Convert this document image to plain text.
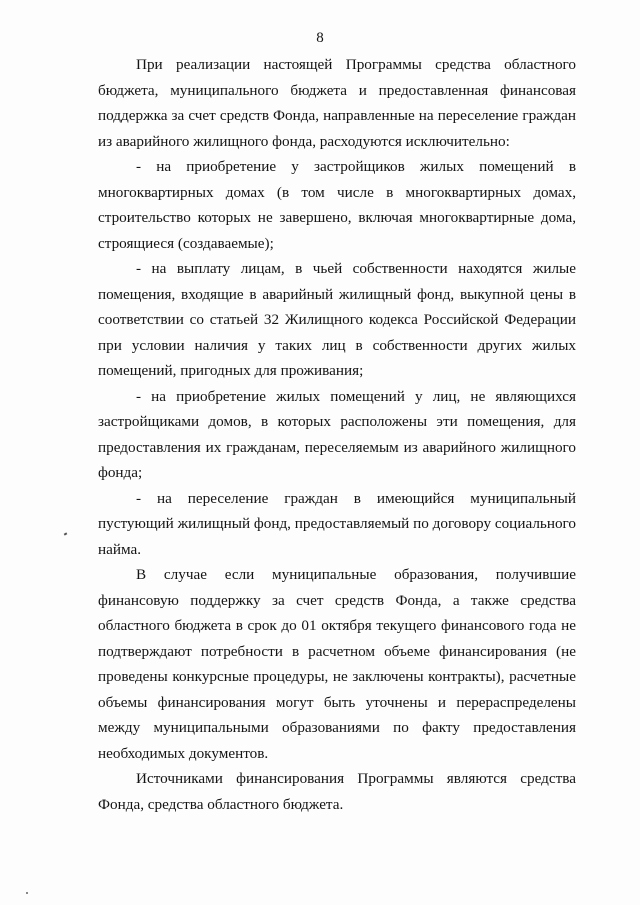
8

При реализации настоящей Программы средства областного бюджета, муниципального бюджета и предоставленная финансовая поддержка за счет средств Фонда, направленные на переселение граждан из аварийного жилищного фонда, расходуются исключительно:

- на приобретение у застройщиков жилых помещений в многоквартирных домах (в том числе в многоквартирных домах, строительство которых не завершено, включая многоквартирные дома, строящиеся (создаваемые);

- на выплату лицам, в чьей собственности находятся жилые помещения, входящие в аварийный жилищный фонд, выкупной цены в соответствии со статьей 32 Жилищного кодекса Российской Федерации при условии наличия у таких лиц в собственности других жилых помещений, пригодных для проживания;

- на приобретение жилых помещений у лиц, не являющихся застройщиками домов, в которых расположены эти помещения, для предоставления их гражданам, переселяемым из аварийного жилищного фонда;

- на переселение граждан в имеющийся муниципальный пустующий жилищный фонд, предоставляемый по договору социального найма.

В случае если муниципальные образования, получившие финансовую поддержку за счет средств Фонда, а также средства областного бюджета в срок до 01 октября текущего финансового года не подтверждают потребности в расчетном объеме финансирования (не проведены конкурсные процедуры, не заключены контракты), расчетные объемы финансирования могут быть уточнены и перераспределены между муниципальными образованиями по факту предоставления необходимых документов.

Источниками финансирования Программы являются средства Фонда, средства областного бюджета.
